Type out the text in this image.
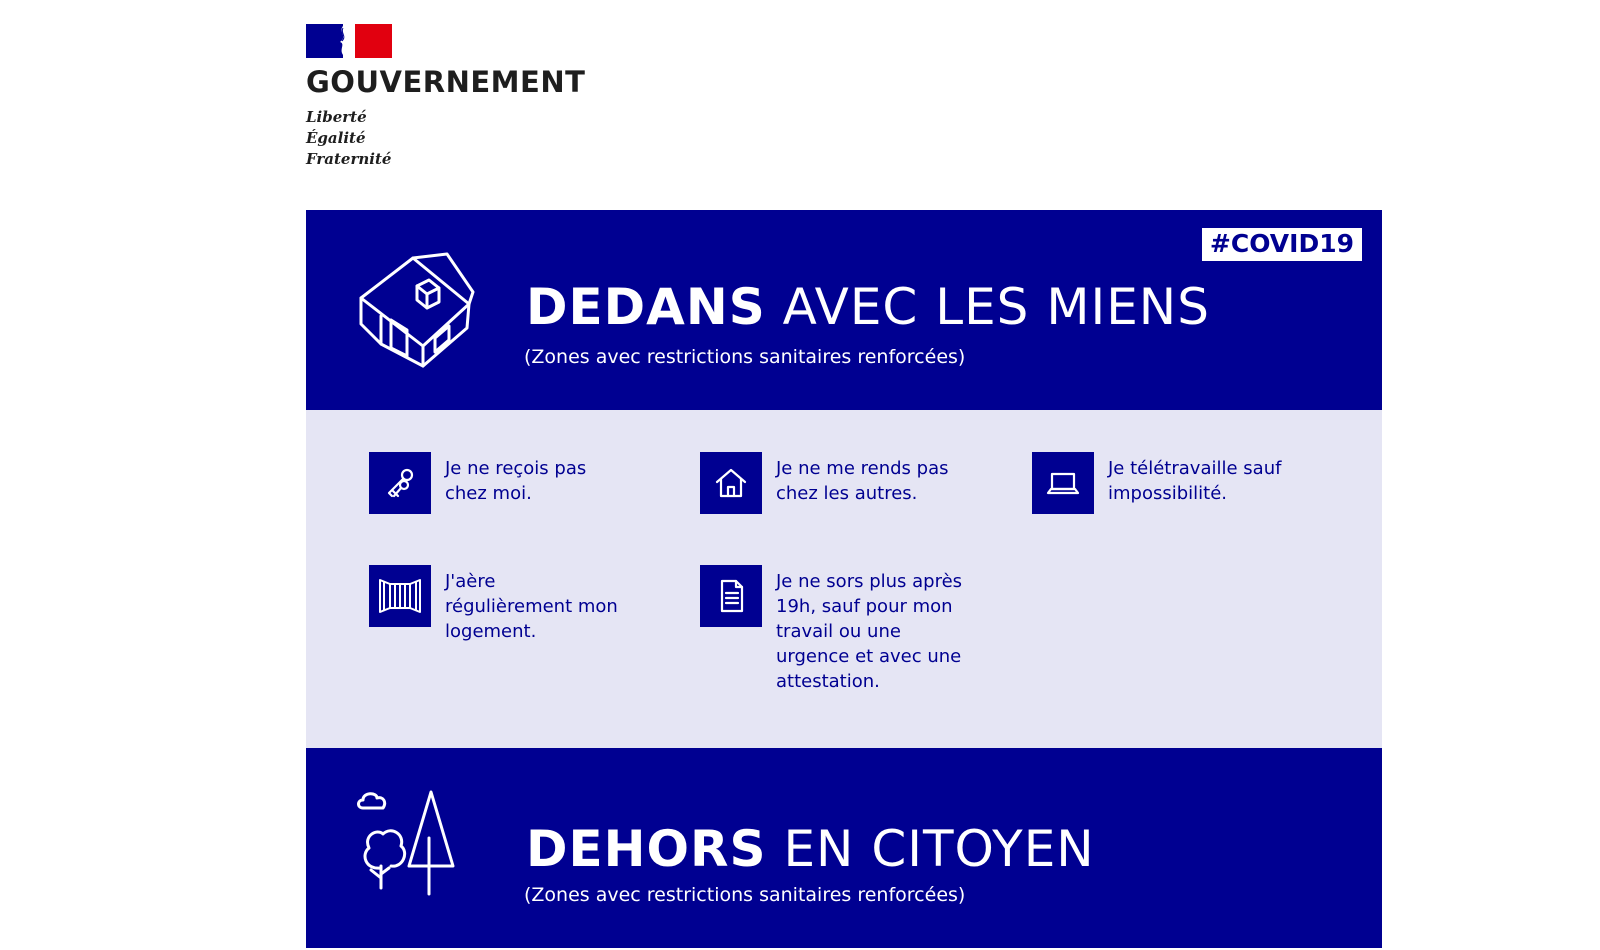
GOUVERNEMENT
Liberté
Égalité
Fraternité
DEDANS AVEC LES MIENS
(Zones avec restrictions sanitaires renforcées)
#COVID19
Je ne reçois pas chez moi.
Je ne me rends pas chez les autres.
Je télétravaille sauf impossibilité.
J'aère régulièrement mon logement.
Je ne sors plus après 19h, sauf pour mon travail ou une urgence et avec une attestation.
DEHORS EN CITOYEN
(Zones avec restrictions sanitaires renforcées)
